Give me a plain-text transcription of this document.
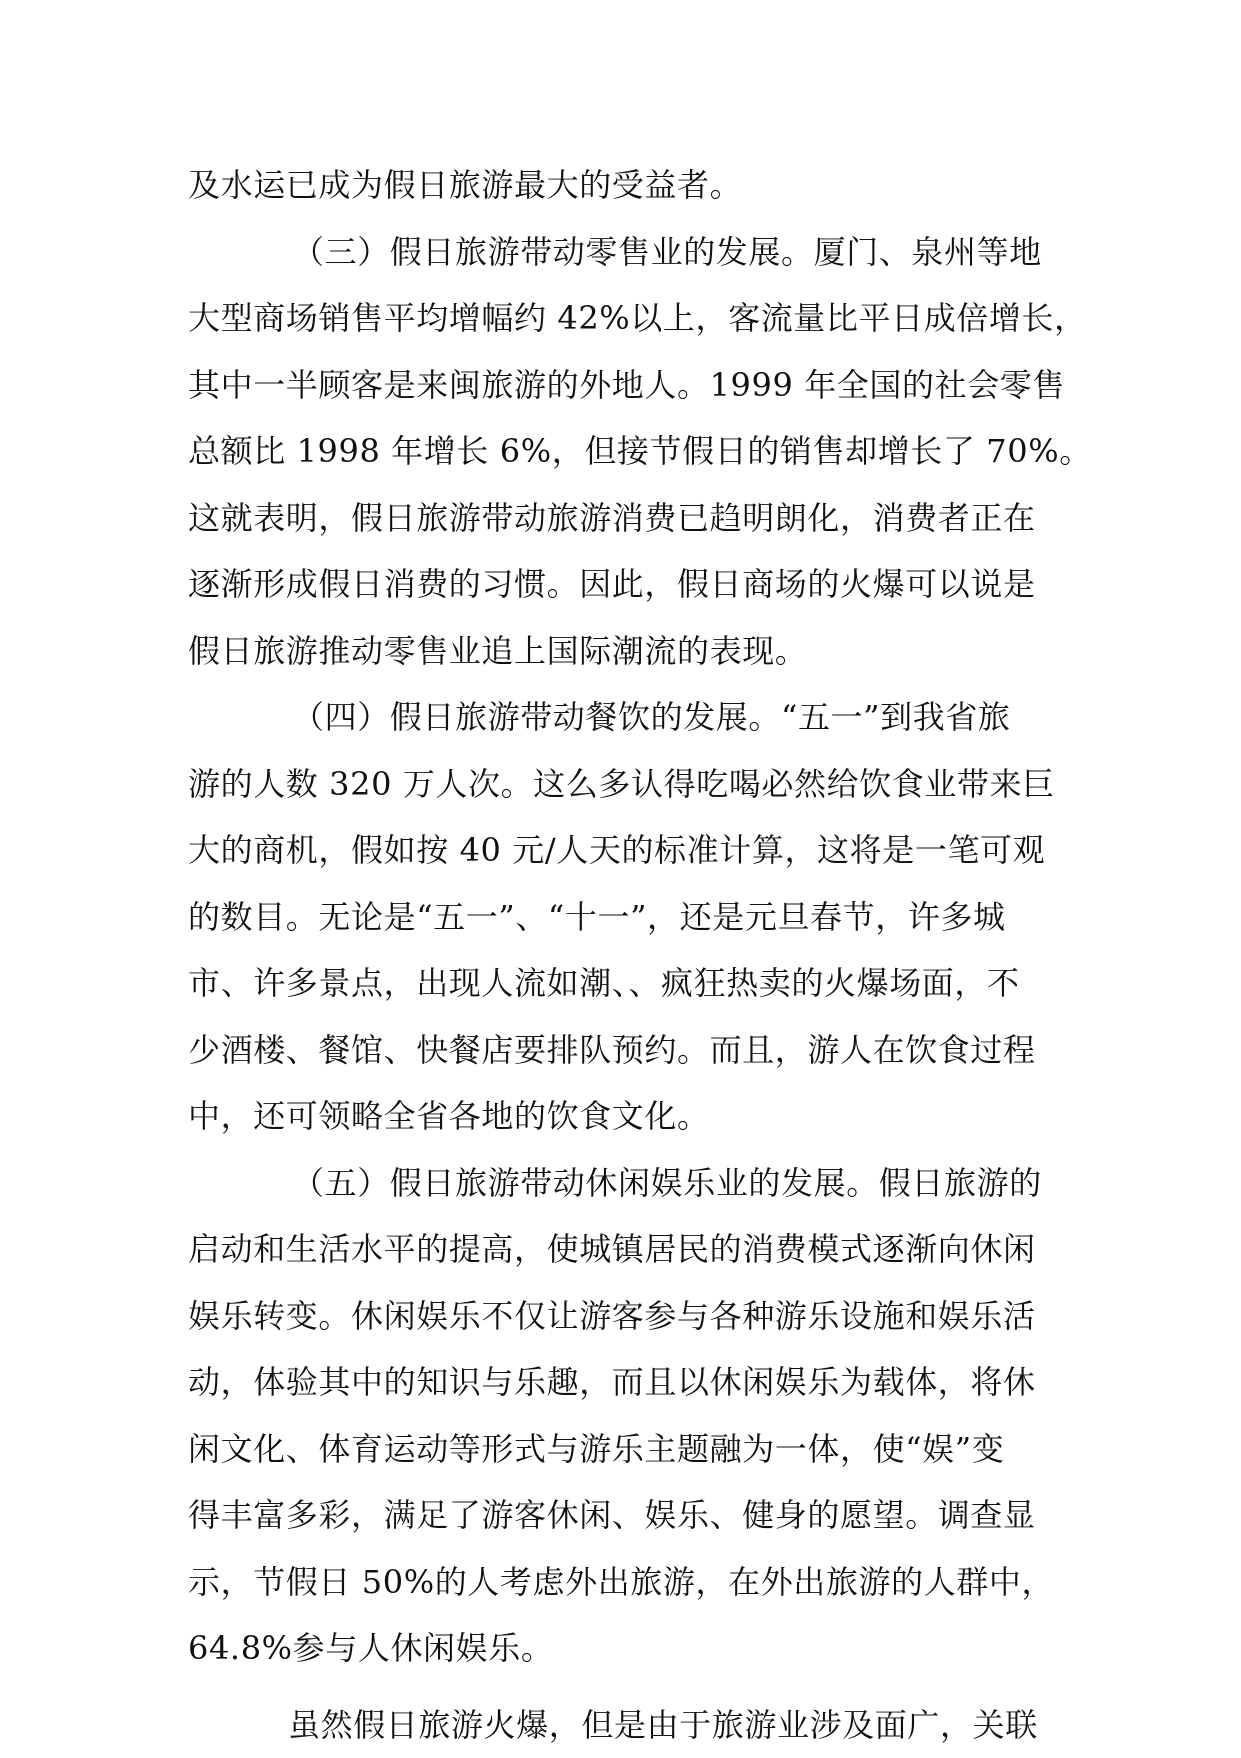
及水运已成为假日旅游最大的受益者。
（三）假日旅游带动零售业的发展。厦门、泉州等地
大型商场销售平均增幅约 42%以上，客流量比平日成倍增长，
其中一半顾客是来闽旅游的外地人。1999 年全国的社会零售
总额比 1998 年增长 6%，但接节假日的销售却增长了 70%。
这就表明，假日旅游带动旅游消费已趋明朗化，消费者正在
逐渐形成假日消费的习惯。因此，假日商场的火爆可以说是
假日旅游推动零售业追上国际潮流的表现。
（四）假日旅游带动餐饮的发展。“五一”到我省旅
游的人数 320 万人次。这么多认得吃喝必然给饮食业带来巨
大的商机，假如按 40 元/人天的标准计算，这将是一笔可观
的数目。无论是“五一”、“十一”，还是元旦春节，许多城
市、许多景点，出现人流如潮、、疯狂热卖的火爆场面，不
少酒楼、餐馆、快餐店要排队预约。而且，游人在饮食过程
中，还可领略全省各地的饮食文化。
（五）假日旅游带动休闲娱乐业的发展。假日旅游的
启动和生活水平的提高，使城镇居民的消费模式逐渐向休闲
娱乐转变。休闲娱乐不仅让游客参与各种游乐设施和娱乐活
动，体验其中的知识与乐趣，而且以休闲娱乐为载体，将休
闲文化、体育运动等形式与游乐主题融为一体，使“娱”变
得丰富多彩，满足了游客休闲、娱乐、健身的愿望。调查显
示，节假日 50%的人考虑外出旅游，在外出旅游的人群中，
64.8%参与人休闲娱乐。
虽然假日旅游火爆，但是由于旅游业涉及面广，关联
